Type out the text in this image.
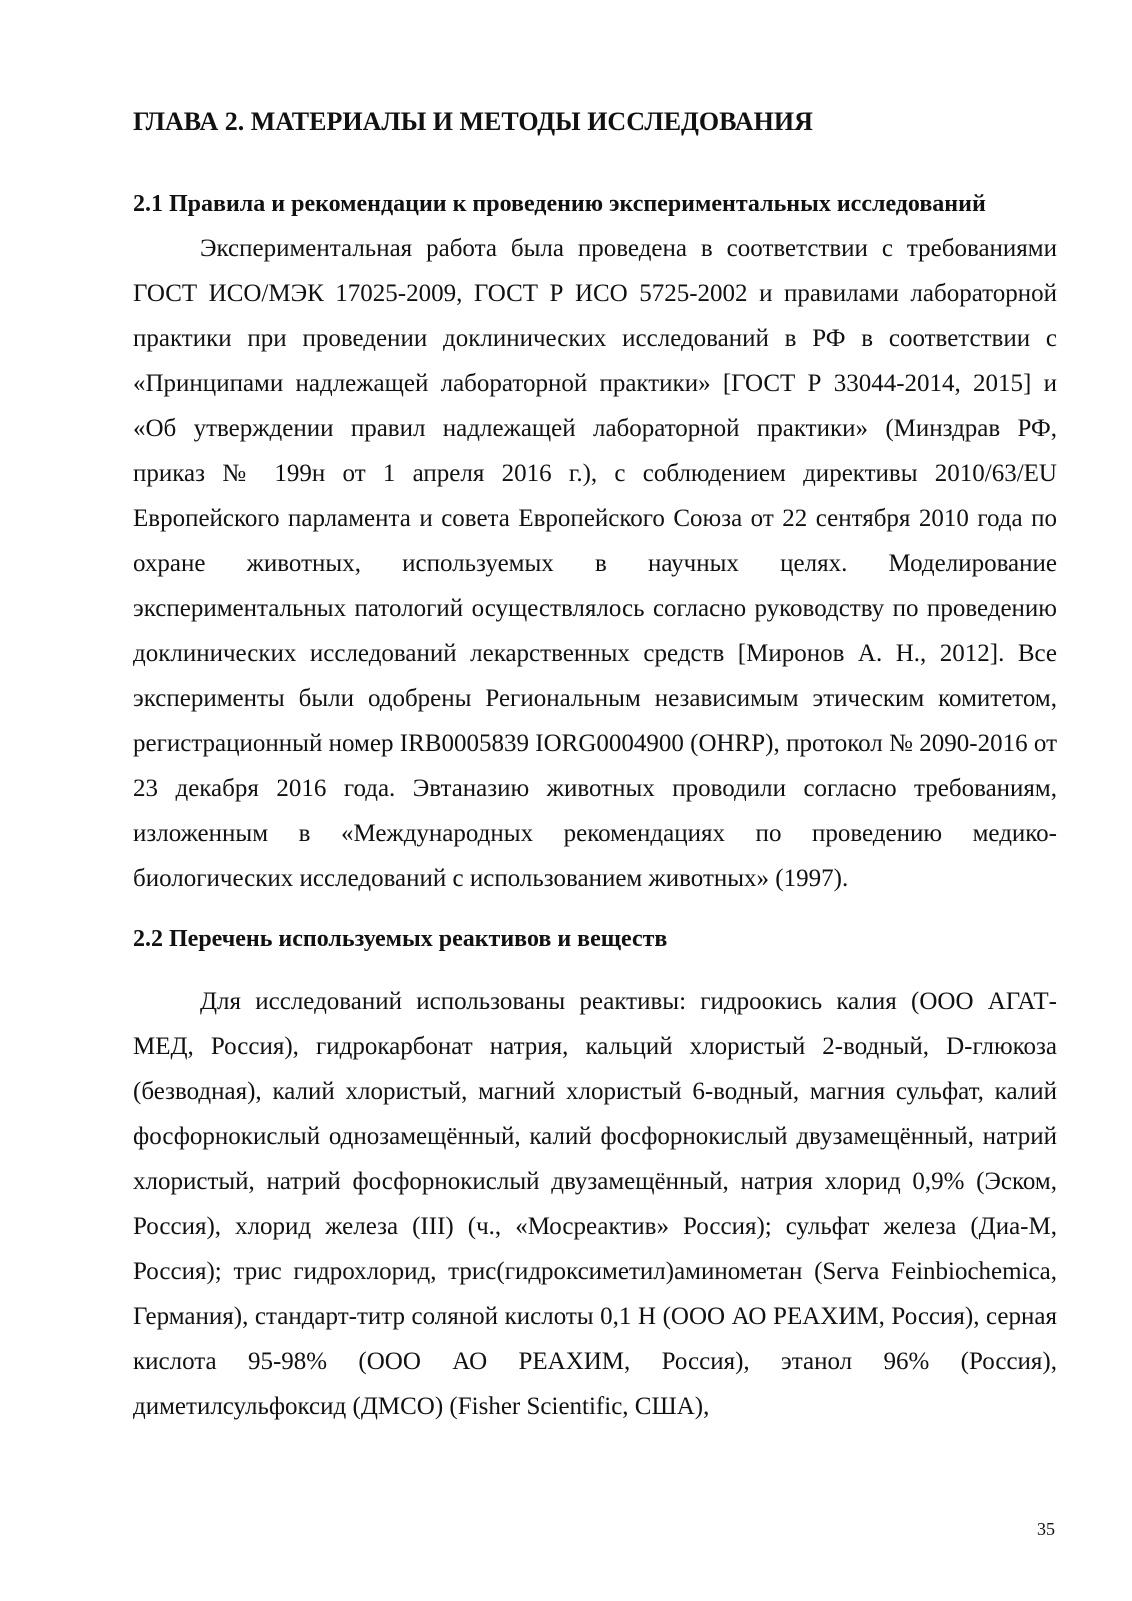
ГЛАВА 2. МАТЕРИАЛЫ И МЕТОДЫ ИССЛЕДОВАНИЯ
2.1 Правила и рекомендации к проведению экспериментальных исследований

Экспериментальная работа была проведена в соответствии с требованиями ГОСТ ИСО/МЭК 17025-2009, ГОСТ Р ИСО 5725-2002 и правилами лабораторной практики при проведении доклинических исследований в РФ в соответствии с «Принципами надлежащей лабораторной практики» [ГОСТ Р 33044-2014, 2015] и «Об утверждении правил надлежащей лабораторной практики» (Минздрав РФ, приказ № 199н от 1 апреля 2016 г.), с соблюдением директивы 2010/63/EU Европейского парламента и совета Европейского Союза от 22 сентября 2010 года по охране животных, используемых в научных целях. Моделирование экспериментальных патологий осуществлялось согласно руководству по проведению доклинических исследований лекарственных средств [Миронов А. Н., 2012]. Все эксперименты были одобрены Региональным независимым этическим комитетом, регистрационный номер IRB0005839 IORG0004900 (OHRP), протокол № 2090-2016 от 23 декабря 2016 года. Эвтаназию животных проводили согласно требованиям, изложенным в «Международных рекомендациях по проведению медико-биологических исследований с использованием животных» (1997).

2.2 Перечень используемых реактивов и веществ

Для исследований использованы реактивы: гидроокись калия (ООО АГАТ-МЕД, Россия), гидрокарбонат натрия, кальций хлористый 2-водный, D-глюкоза (безводная), калий хлористый, магний хлористый 6-водный, магния сульфат, калий фосфорнокислый однозамещённый, калий фосфорнокислый двузамещённый, натрий хлористый, натрий фосфорнокислый двузамещённый, натрия хлорид 0,9% (Эском, Россия), хлорид железа (III) (ч., «Мосреактив» Россия); сульфат железа (Диа-М, Россия); трис гидрохлорид, трис(гидроксиметил)аминометан (Serva Feinbiochemica, Германия), стандарт-титр соляной кислоты 0,1 Н (ООО АО РЕАХИМ, Россия), серная кислота 95-98% (ООО АО РЕАХИМ, Россия), этанол 96% (Россия), диметилсульфоксид (ДМСО) (Fisher Scientific, США),

35
